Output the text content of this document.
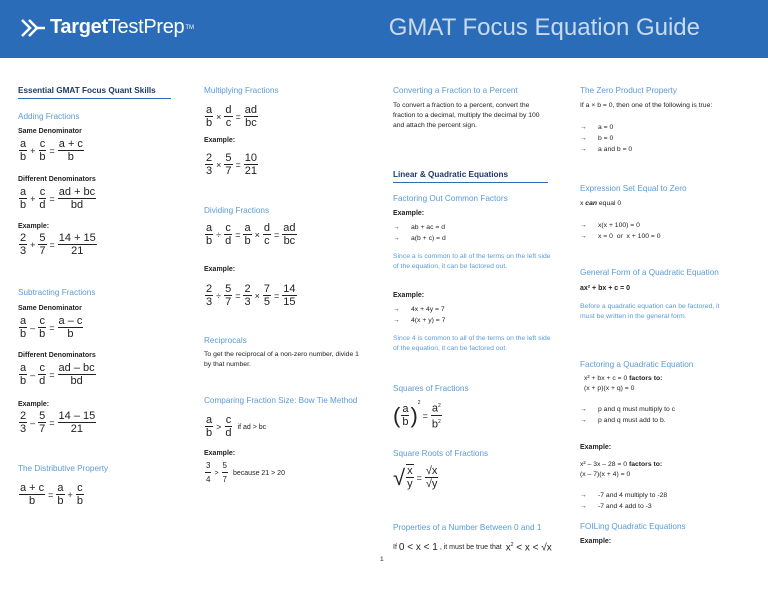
Target TestPrep TM	GMAT Focus Equation Guide
Essential GMAT Focus Quant Skills
Adding Fractions
Same Denominator
$\frac{a}{b} + \frac{c}{b} = \frac{a + c}{b}$
Different Denominators
$\frac{a}{b} + \frac{c}{d} = \frac{ad + bc}{bd}$
Example:
$\frac{2}{3} + \frac{5}{7} = \frac{14 + 15}{21}$
Subtracting Fractions
Same Denominator
$\frac{a}{b} - \frac{c}{b} = \frac{a - c}{b}$
Different Denominators
$\frac{a}{b} - \frac{c}{d} = \frac{ad - bc}{bd}$
Example:
$\frac{2}{3} - \frac{5}{7} = \frac{14 - 15}{21}$
The Distributive Property
$\frac{a + c}{b} = \frac{a}{b} + \frac{c}{b}$
Multiplying Fractions
$\frac{a}{b} \times \frac{d}{c} = \frac{ad}{bc}$
Example:
$\frac{2}{3} \times \frac{5}{7} = \frac{10}{21}$
Dividing Fractions
$\frac{a}{b} \div \frac{c}{d} = \frac{a}{b} \times \frac{d}{c} = \frac{ad}{bc}$
Example:
$\frac{2}{3} \div \frac{5}{7} = \frac{2}{3} \times \frac{7}{5} = \frac{14}{15}$
Reciprocals
To get the reciprocal of a non-zero number, divide 1 by that number.
Comparing Fraction Size: Bow Tie Method
$\frac{a}{b} > \frac{c}{d}$ if ad > bc
Example:
$\frac{3}{4} > \frac{5}{7}$ because 21 > 20
Converting a Fraction to a Percent
To convert a fraction to a percent, convert the fraction to a decimal, multiply the decimal by 100 and attach the percent sign.
Linear & Quadratic Equations
Factoring Out Common Factors
Example:
→ ab + ac = d
→ a(b + c) = d
Since a is common to all of the terms on the left side of the equation, it can be factored out.
Example:
→ 4x + 4y = 7
→ 4(x + y) = 7
Since 4 is common to all of the terms on the left side of the equation, it can be factored out.
Squares of Fractions
( $\frac{a}{b} )^2$
= $\frac{a^2}{b^2}$
Square Roots of Fractions
√ $\frac{x}{y} = \frac{√x}{√y}$
Properties of a Number Between 0 and 1
If 0 < x < 1 , it must be true that $x^2 < x < √x$
The Zero Product Property
If a × b = 0, then one of the following is true:
→ a = 0
→ b = 0
→ a and b = 0
Expression Set Equal to Zero
x can equal 0
→ x(x + 100) = 0
→ x = 0  or  x + 100 = 0
General Form of a Quadratic Equation
ax² + bx + c = 0
Before a quadratic equation can be factored, it must be written in the general form.
Factoring a Quadratic Equation
x² + bx + c = 0 factors to:
(x + p)(x + q) = 0
→ p and q must multiply to c
→ p and q must add to b.
Example:
x² – 3x – 28 = 0 factors to:
(x – 7)(x + 4) = 0
→ -7 and 4 multiply to -28
→ -7 and 4 add to -3
FOILing Quadratic Equations
Example:
1
